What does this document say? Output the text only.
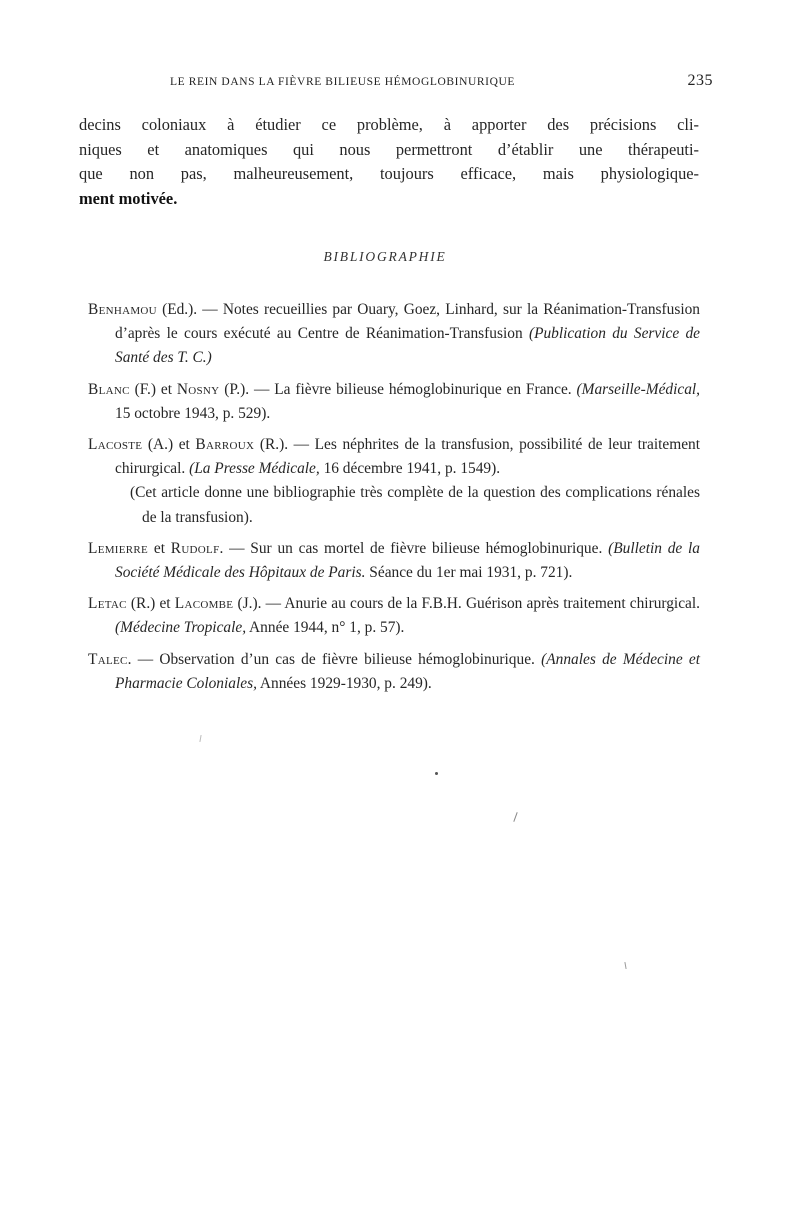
LE REIN DANS LA FIÈVRE BILIEUSE HÉMOGLOBINURIQUE	235
decins coloniaux à étudier ce problème, à apporter des précisions cli-
niques et anatomiques qui nous permettront d’établir une thérapeuti-
que non pas, malheureusement, toujours efficace, mais physiologique-
ment motivée.
BIBLIOGRAPHIE

Benhamou (Ed.). — Notes recueillies par Ouary, Goez, Linhard, sur la Réanimation-Transfusion d’après le cours exécuté au Centre de Réanimation-Transfusion (Publication du Service de Santé des T. C.)

Blanc (F.) et Nosny (P.). — La fièvre bilieuse hémoglobinurique en France. (Marseille-Médical, 15 octobre 1943, p. 529).

Lacoste (A.) et Barroux (R.). — Les néphrites de la transfusion, possibilité de leur traitement chirurgical. (La Presse Médicale, 16 décembre 1941, p. 1549).
(Cet article donne une bibliographie très complète de la question des complications rénales de la transfusion).

Lemierre et Rudolf. — Sur un cas mortel de fièvre bilieuse hémoglobinurique. (Bulletin de la Société Médicale des Hôpitaux de Paris. Séance du 1er mai 1931, p. 721).

Letac (R.) et Lacombe (J.). — Anurie au cours de la F.B.H. Guérison après traitement chirurgical. (Médecine Tropicale, Année 1944, n° 1, p. 57).

Talec. — Observation d’un cas de fièvre bilieuse hémoglobinurique. (Annales de Médecine et Pharmacie Coloniales, Années 1929-1930, p. 249).
